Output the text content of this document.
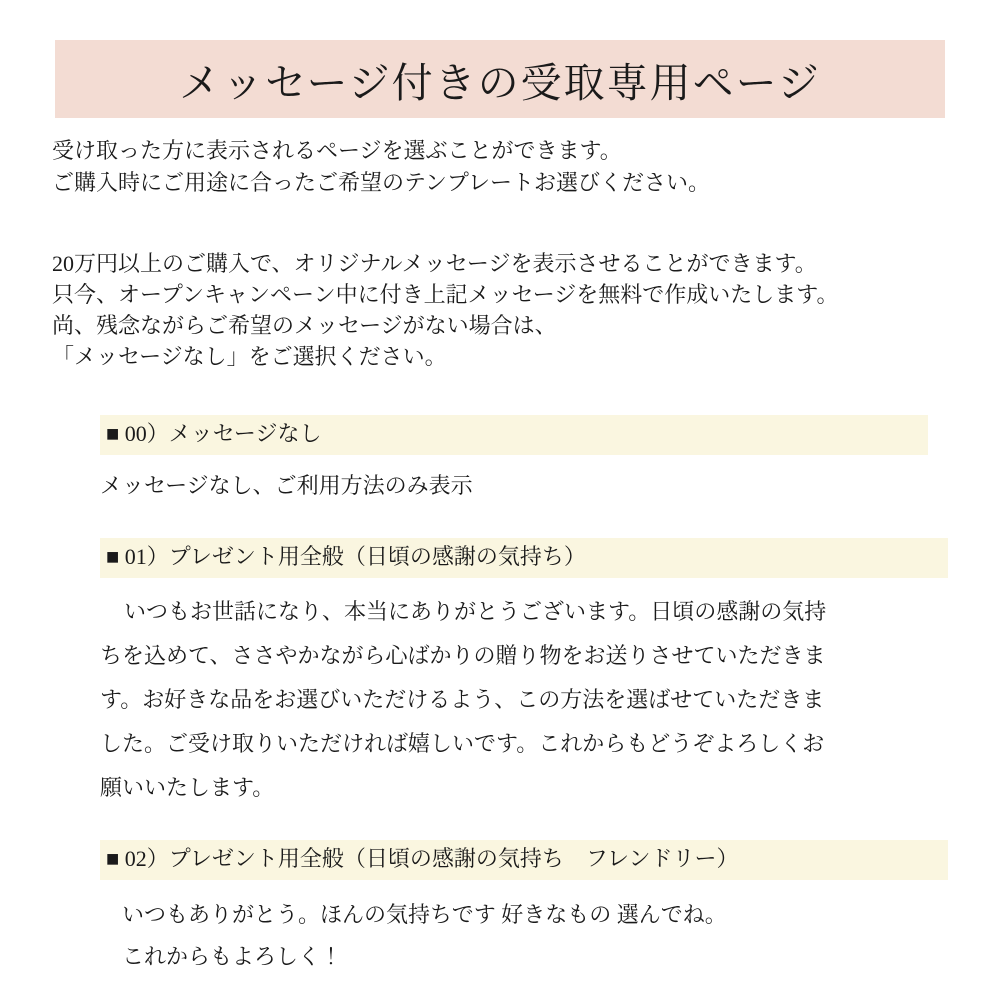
メッセージ付きの受取専用ページ
受け取った方に表示されるページを選ぶことができます。
ご購入時にご用途に合ったご希望のテンプレートお選びください。
20万円以上のご購入で、オリジナルメッセージを表示させることができます。
只今、オープンキャンペーン中に付き上記メッセージを無料で作成いたします。
尚、残念ながらご希望のメッセージがない場合は、
「メッセージなし」をご選択ください。
■ 00）メッセージなし
メッセージなし、ご利用方法のみ表示
■ 01）プレゼント用全般（日頃の感謝の気持ち）
いつもお世話になり、本当にありがとうございます。日頃の感謝の気持
ちを込めて、ささやかながら心ばかりの贈り物をお送りさせていただきま
す。お好きな品をお選びいただけるよう、この方法を選ばせていただきま
した。ご受け取りいただければ嬉しいです。これからもどうぞよろしくお
願いいたします。
■ 02）プレゼント用全般（日頃の感謝の気持ち　フレンドリー）
いつもありがとう。ほんの気持ちです 好きなもの 選んでね。
これからもよろしく！
